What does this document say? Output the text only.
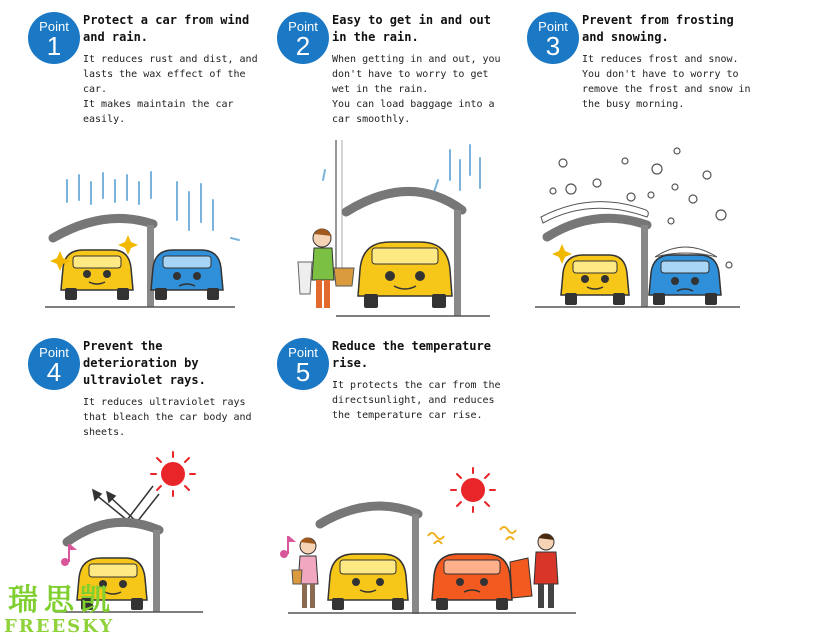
Point
1
Protect a car from wind and rain.
It reduces rust and dist, and lasts the wax effect of the car.
It makes maintain the car easily.
Point
2
Easy to get in and out in the rain.
When getting in and out, you don't have to worry to get wet in the rain.
You can load baggage into a car smoothly.
Point
3
Prevent from frosting and snowing.
It reduces frost and snow. You don't have to worry to remove the frost and snow in the busy morning.
Point
4
Prevent the deterioration by ultraviolet rays.
It reduces ultraviolet rays that bleach the car body and sheets.
Point
5
Reduce the temperature rise.
It protects the car from the directsunlight, and reduces the temperature car rise.
瑞思凯
FREESKY
